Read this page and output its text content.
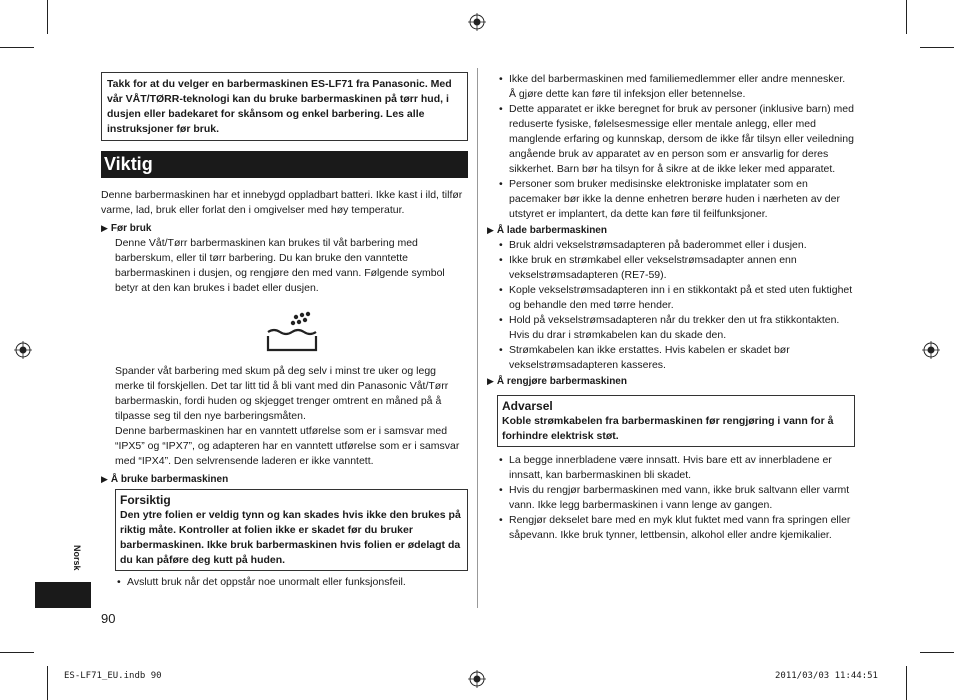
Takk for at du velger en barbermaskinen ES-LF71 fra Panasonic. Med vår VÅT/TØRR-teknologi kan du bruke barbermaskinen på tørr hud, i dusjen eller badekaret for skånsom og enkel barbering. Les alle instruksjoner før bruk.
Viktig

Denne barbermaskinen har et innebygd oppladbart batteri. Ikke kast i ild, tilfør varme, lad, bruk eller forlat den i omgivelser med høy temperatur.

▶ Før bruk

Denne Våt/Tørr barbermaskinen kan brukes til våt barbering med barberskum, eller til tørr barbering. Du kan bruke den vanntette barbermaskinen i dusjen, og rengjøre den med vann. Følgende symbol betyr at den kan brukes i badet eller dusjen.

Spander våt barbering med skum på deg selv i minst tre uker og legg merke til forskjellen. Det tar litt tid å bli vant med din Panasonic Våt/Tørr barbermaskin, fordi huden og skjegget trenger omtrent en måned på å tilpasse seg til den nye barberingsmåten.

Denne barbermaskinen har en vanntett utførelse som er i samsvar med “IPX5” og “IPX7”, og adapteren har en vanntett utførelse som er i samsvar med “IPX4”. Den selvrensende laderen er ikke vanntett.

▶ Å bruke barbermaskinen
Forsiktig
Den ytre folien er veldig tynn og kan skades hvis ikke den brukes på riktig måte. Kontroller at folien ikke er skadet før du bruker barbermaskinen. Ikke bruk barbermaskinen hvis folien er ødelagt da du kan påføre deg kutt på huden.
• Avslutt bruk når det oppstår noe unormalt eller funksjonsfeil.
• Ikke del barbermaskinen med familiemedlemmer eller andre mennesker. Å gjøre dette kan føre til infeksjon eller betennelse.
• Dette apparatet er ikke beregnet for bruk av personer (inklusive barn) med reduserte fysiske, følelsesmessige eller mentale anlegg, eller med manglende erfaring og kunnskap, dersom de ikke får tilsyn eller veiledning angående bruk av apparatet av en person som er ansvarlig for deres sikkerhet. Barn bør ha tilsyn for å sikre at de ikke leker med apparatet.
• Personer som bruker medisinske elektroniske implatater som en pacemaker bør ikke la denne enhetren berøre huden i nærheten av der utstyret er implantert, da dette kan føre til feilfunksjoner.
▶ Å lade barbermaskinen
• Bruk aldri vekselstrømsadapteren på baderommet eller i dusjen.
• Ikke bruk en strømkabel eller vekselstrømsadapter annen enn vekselstrømsadapteren (RE7-59).
• Kople vekselstrømsadapteren inn i en stikkontakt på et sted uten fuktighet og behandle den med tørre hender.
• Hold på vekselstrømsadapteren når du trekker den ut fra stikkontakten. Hvis du drar i strømkabelen kan du skade den.
• Strømkabelen kan ikke erstattes. Hvis kabelen er skadet bør vekselstrømsadapteren kasseres.
▶ Å rengjøre barbermaskinen
Advarsel
Koble strømkabelen fra barbermaskinen før rengjøring i vann for å forhindre elektrisk støt.
• La begge innerbladene være innsatt. Hvis bare ett av innerbladene er innsatt, kan barbermaskinen bli skadet.
• Hvis du rengjør barbermaskinen med vann, ikke bruk saltvann eller varmt vann. Ikke legg barbermaskinen i vann lenge av gangen.
• Rengjør dekselet bare med en myk klut fuktet med vann fra springen eller såpevann. Ikke bruk tynner, lettbensin, alkohol eller andre kjemikalier.
Norsk
90
ES-LF71_EU.indb 90	2011/03/03 11:44:51
